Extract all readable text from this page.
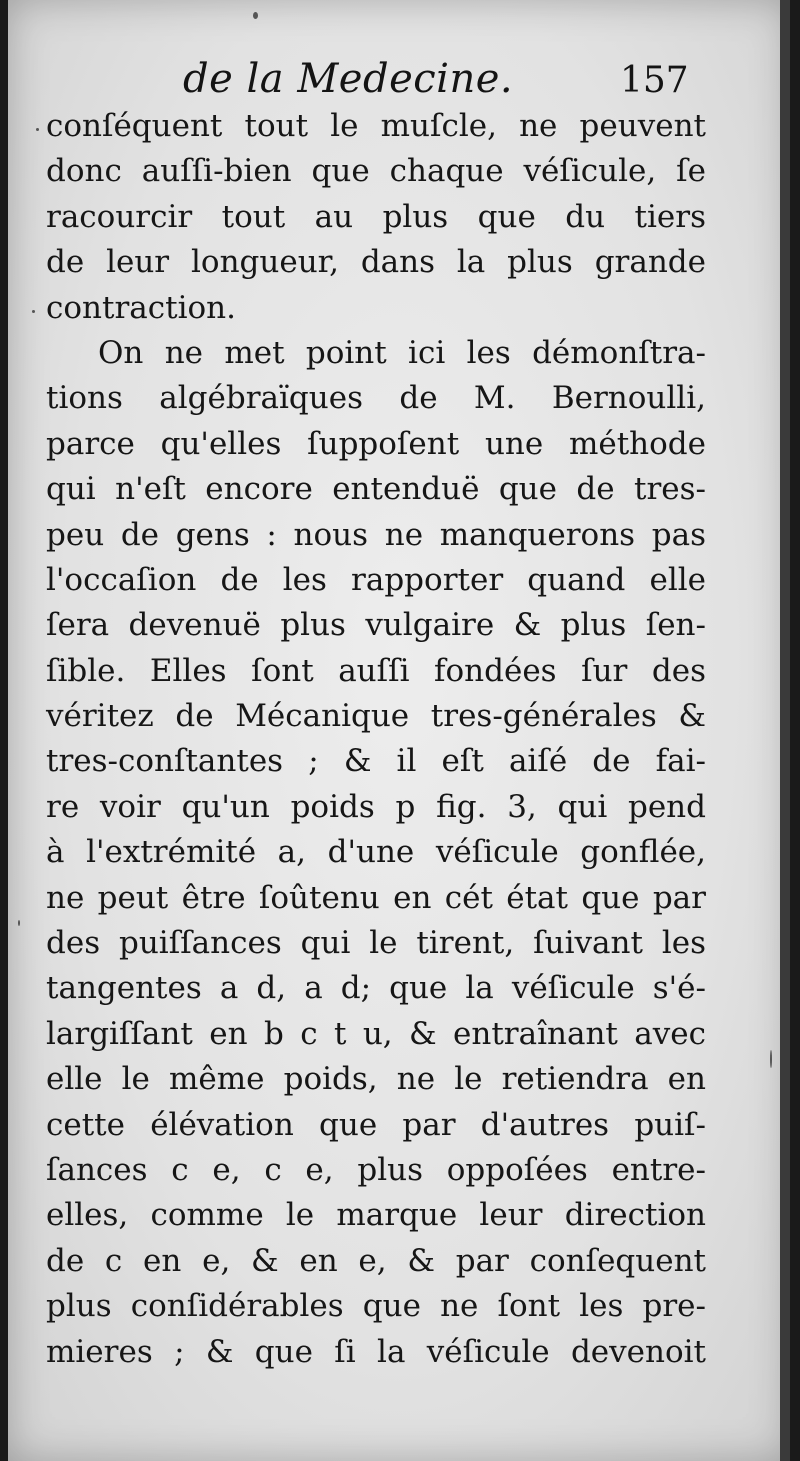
de la Medecine.	157
conſéquent tout le muſcle, ne peuvent
donc auſſi-bien que chaque véſicule, ſe
racourcir tout au plus que du tiers
de leur longueur, dans la plus grande
contraction.
On ne met point ici les démonſtra-
tions algébraïques de M. Bernoulli,
parce qu'elles ſuppoſent une méthode
qui n'eſt encore entenduë que de tres-
peu de gens : nous ne manquerons pas
l'occaſion de les rapporter quand elle
ſera devenuë plus vulgaire & plus ſen-
ſible. Elles ſont auſſi fondées ſur des
véritez de Mécanique tres-générales &
tres-conſtantes ; & il eſt aiſé de fai-
re voir qu'un poids p fig. 3, qui pend
à l'extrémité a, d'une véſicule gonflée,
ne peut être ſoûtenu en cét état que par
des puiſſances qui le tirent, ſuivant les
tangentes a d, a d; que la véſicule s'é-
largiſſant en b c t u, & entraînant avec
elle le même poids, ne le retiendra en
cette élévation que par d'autres puiſ-
ſances c e, c e, plus oppoſées entre-
elles, comme le marque leur direction
de c en e, & en e, & par conſequent
plus conſidérables que ne ſont les pre-
mieres ; & que ſi la véſicule devenoit
